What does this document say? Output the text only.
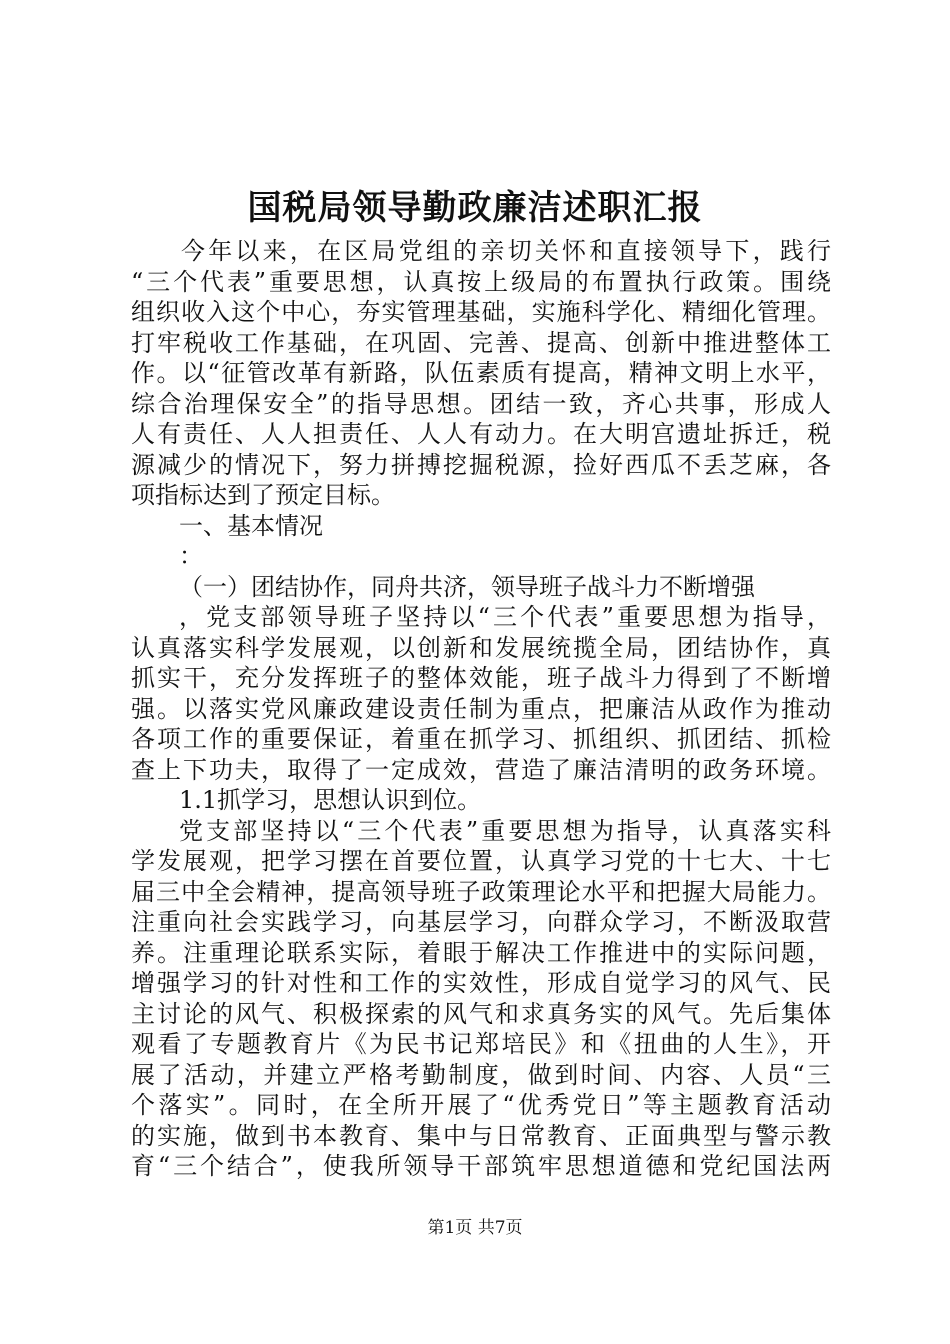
国税局领导勤政廉洁述职汇报
今年以来，在区局党组的亲切关怀和直接领导下，践行
“三个代表”重要思想，认真按上级局的布置执行政策。围绕
组织收入这个中心，夯实管理基础，实施科学化、精细化管理。
打牢税收工作基础，在巩固、完善、提高、创新中推进整体工
作。以“征管改革有新路，队伍素质有提高，精神文明上水平，
综合治理保安全”的指导思想。团结一致，齐心共事，形成人
人有责任、人人担责任、人人有动力。在大明宫遗址拆迁，税
源减少的情况下，努力拼搏挖掘税源，捡好西瓜不丢芝麻，各
项指标达到了预定目标。
一、基本情况
：
（一）团结协作，同舟共济，领导班子战斗力不断增强
，党支部领导班子坚持以“三个代表”重要思想为指导，
认真落实科学发展观，以创新和发展统揽全局，团结协作，真
抓实干，充分发挥班子的整体效能，班子战斗力得到了不断增
强。以落实党风廉政建设责任制为重点，把廉洁从政作为推动
各项工作的重要保证，着重在抓学习、抓组织、抓团结、抓检
查上下功夫，取得了一定成效，营造了廉洁清明的政务环境。
1.1抓学习，思想认识到位。
党支部坚持以“三个代表”重要思想为指导，认真落实科
学发展观，把学习摆在首要位置，认真学习党的十七大、十七
届三中全会精神，提高领导班子政策理论水平和把握大局能力。
注重向社会实践学习，向基层学习，向群众学习，不断汲取营
养。注重理论联系实际，着眼于解决工作推进中的实际问题，
增强学习的针对性和工作的实效性，形成自觉学习的风气、民
主讨论的风气、积极探索的风气和求真务实的风气。先后集体
观看了专题教育片《为民书记郑培民》和《扭曲的人生》，开
展了活动，并建立严格考勤制度，做到时间、内容、人员“三
个落实”。同时，在全所开展了“优秀党日”等主题教育活动
的实施，做到书本教育、集中与日常教育、正面典型与警示教
育“三个结合”，使我所领导干部筑牢思想道德和党纪国法两
第1页 共7页
